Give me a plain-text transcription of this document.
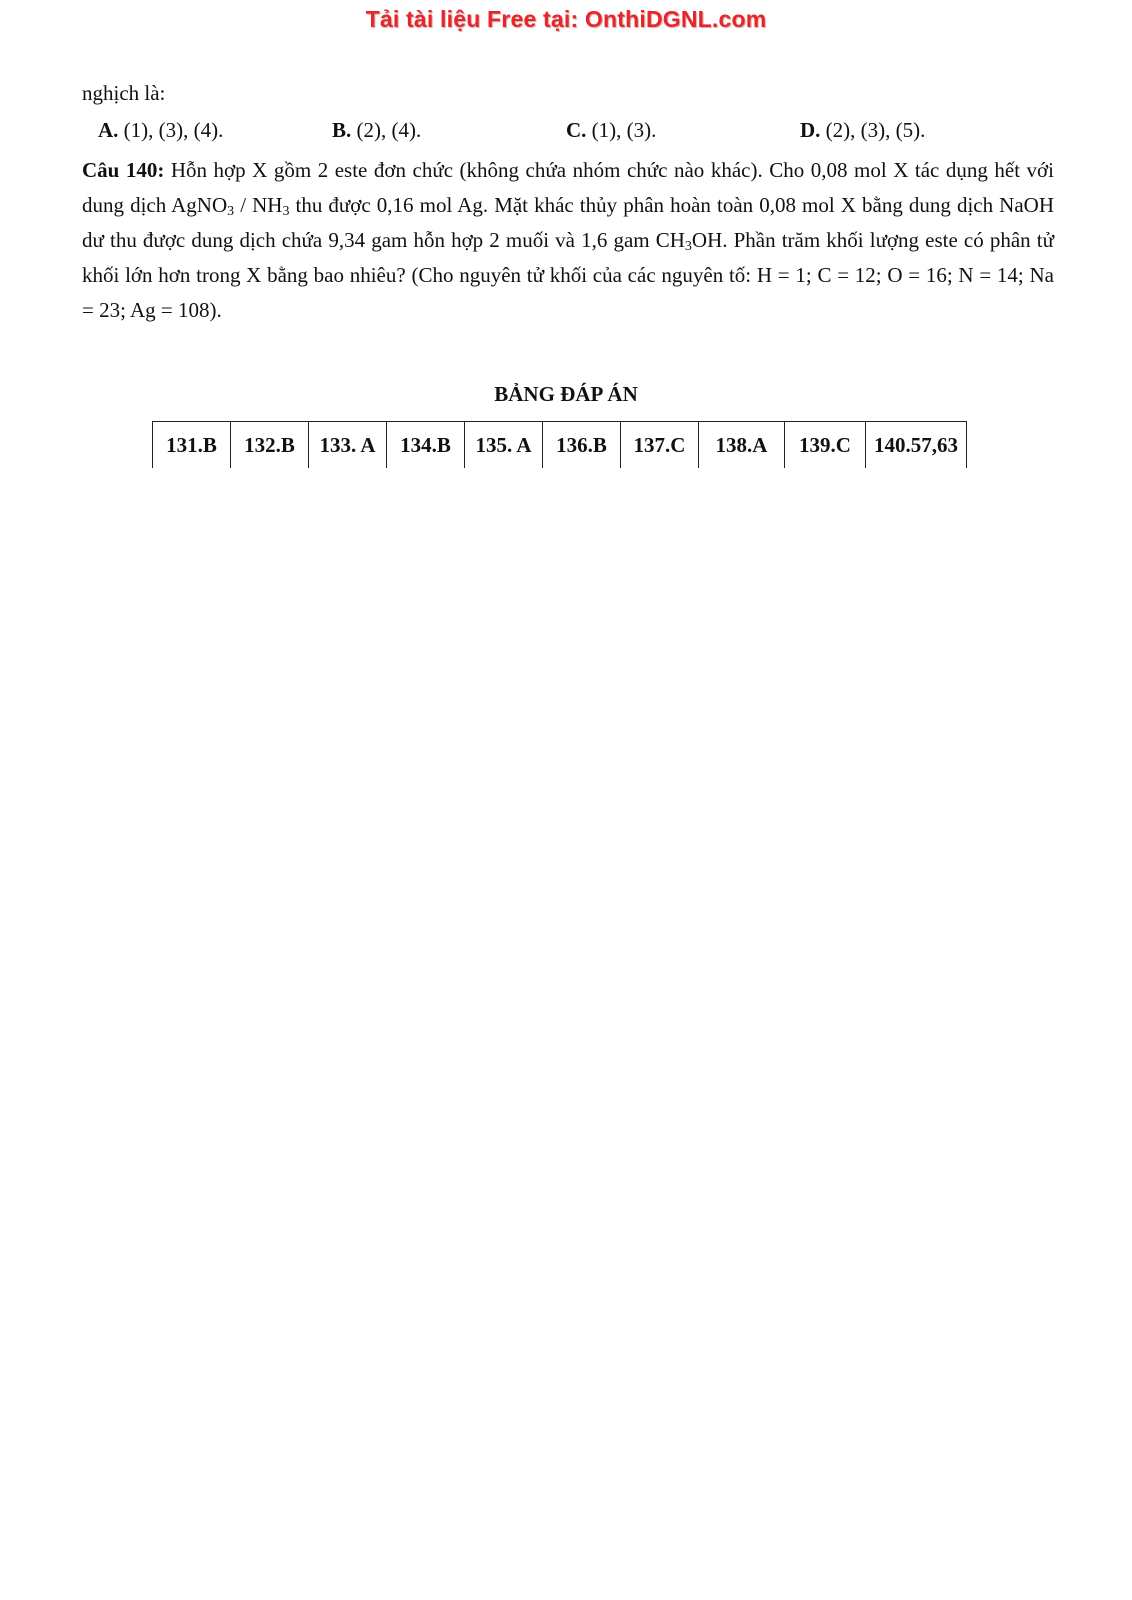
Tải tài liệu Free tại: OnthiDGNL.com

nghịch là:

A. (1), (3), (4).	B. (2), (4).	C. (1), (3).	D. (2), (3), (5).

Câu 140: Hỗn hợp X gồm 2 este đơn chức (không chứa nhóm chức nào khác). Cho 0,08 mol X tác dụng hết với dung dịch AgNO$_3$ / $NH_3$ thu được 0,16 mol Ag. Mặt khác thủy phân hoàn toàn 0,08 mol X bằng dung dịch NaOH dư thu được dung dịch chứa 9,34 gam hỗn hợp 2 muối và 1,6 gam $CH_3OH$. Phần trăm khối lượng este có phân tử khối lớn hơn trong X bằng bao nhiêu? (Cho nguyên tử khối của các nguyên tố: H = 1; C = 12; O = 16; N = 14; Na = 23; Ag = 108).

BẢNG ĐÁP ÁN
131.B	132.B	133. A	134.B	135. A	136.B	137.C	138.A	139.C	140.57,63
